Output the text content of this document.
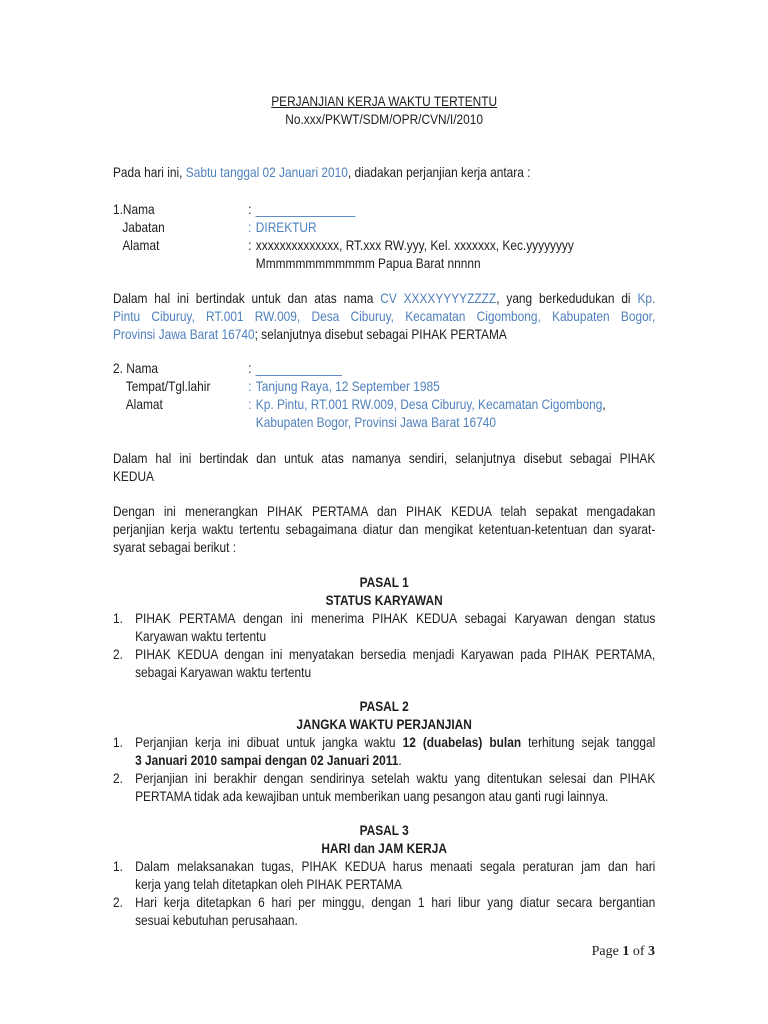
PERJANJIAN KERJA WAKTU TERTENTU
No.xxx/PKWT/SDM/OPR/CVN/I/2010
Pada hari ini, Sabtu tanggal 02 Januari 2010, diadakan perjanjian kerja antara :
1.Nama	: _______________
Jabatan	: DIREKTUR
Alamat	: xxxxxxxxxxxxxx, RT.xxx RW.yyy, Kel. xxxxxxx, Kec.yyyyyyyy
Mmmmmmmmmmmm Papua Barat nnnnn
Dalam hal ini bertindak untuk dan atas nama CV XXXXYYYYZZZZ, yang berkedudukan di Kp.
Pintu Ciburuy, RT.001 RW.009, Desa Ciburuy, Kecamatan Cigombong, Kabupaten Bogor,
Provinsi Jawa Barat 16740; selanjutnya disebut sebagai PIHAK PERTAMA
2. Nama	: _____________
Tempat/Tgl.lahir	: Tanjung Raya, 12 September 1985
Alamat	: Kp. Pintu, RT.001 RW.009, Desa Ciburuy, Kecamatan Cigombong,
Kabupaten Bogor, Provinsi Jawa Barat 16740
Dalam hal ini bertindak dan untuk atas namanya sendiri, selanjutnya disebut sebagai PIHAK
KEDUA
Dengan ini menerangkan PIHAK PERTAMA dan PIHAK KEDUA telah sepakat mengadakan
perjanjian kerja waktu tertentu sebagaimana diatur dan mengikat ketentuan-ketentuan dan syarat-
syarat sebagai berikut :
PASAL 1
STATUS KARYAWAN
1. PIHAK PERTAMA dengan ini menerima PIHAK KEDUA sebagai Karyawan dengan status
Karyawan waktu tertentu
2. PIHAK KEDUA dengan ini menyatakan bersedia menjadi Karyawan pada PIHAK PERTAMA,
sebagai Karyawan waktu tertentu
PASAL 2
JANGKA WAKTU PERJANJIAN
1. Perjanjian kerja ini dibuat untuk jangka waktu 12 (duabelas) bulan terhitung sejak tanggal
3 Januari 2010 sampai dengan 02 Januari 2011.
2. Perjanjian ini berakhir dengan sendirinya setelah waktu yang ditentukan selesai dan PIHAK
PERTAMA tidak ada kewajiban untuk memberikan uang pesangon atau ganti rugi lainnya.
PASAL 3
HARI dan JAM KERJA
1. Dalam melaksanakan tugas, PIHAK KEDUA harus menaati segala peraturan jam dan hari
kerja yang telah ditetapkan oleh PIHAK PERTAMA
2. Hari kerja ditetapkan 6 hari per minggu, dengan 1 hari libur yang diatur secara bergantian
sesuai kebutuhan perusahaan.
Page 1 of 3
